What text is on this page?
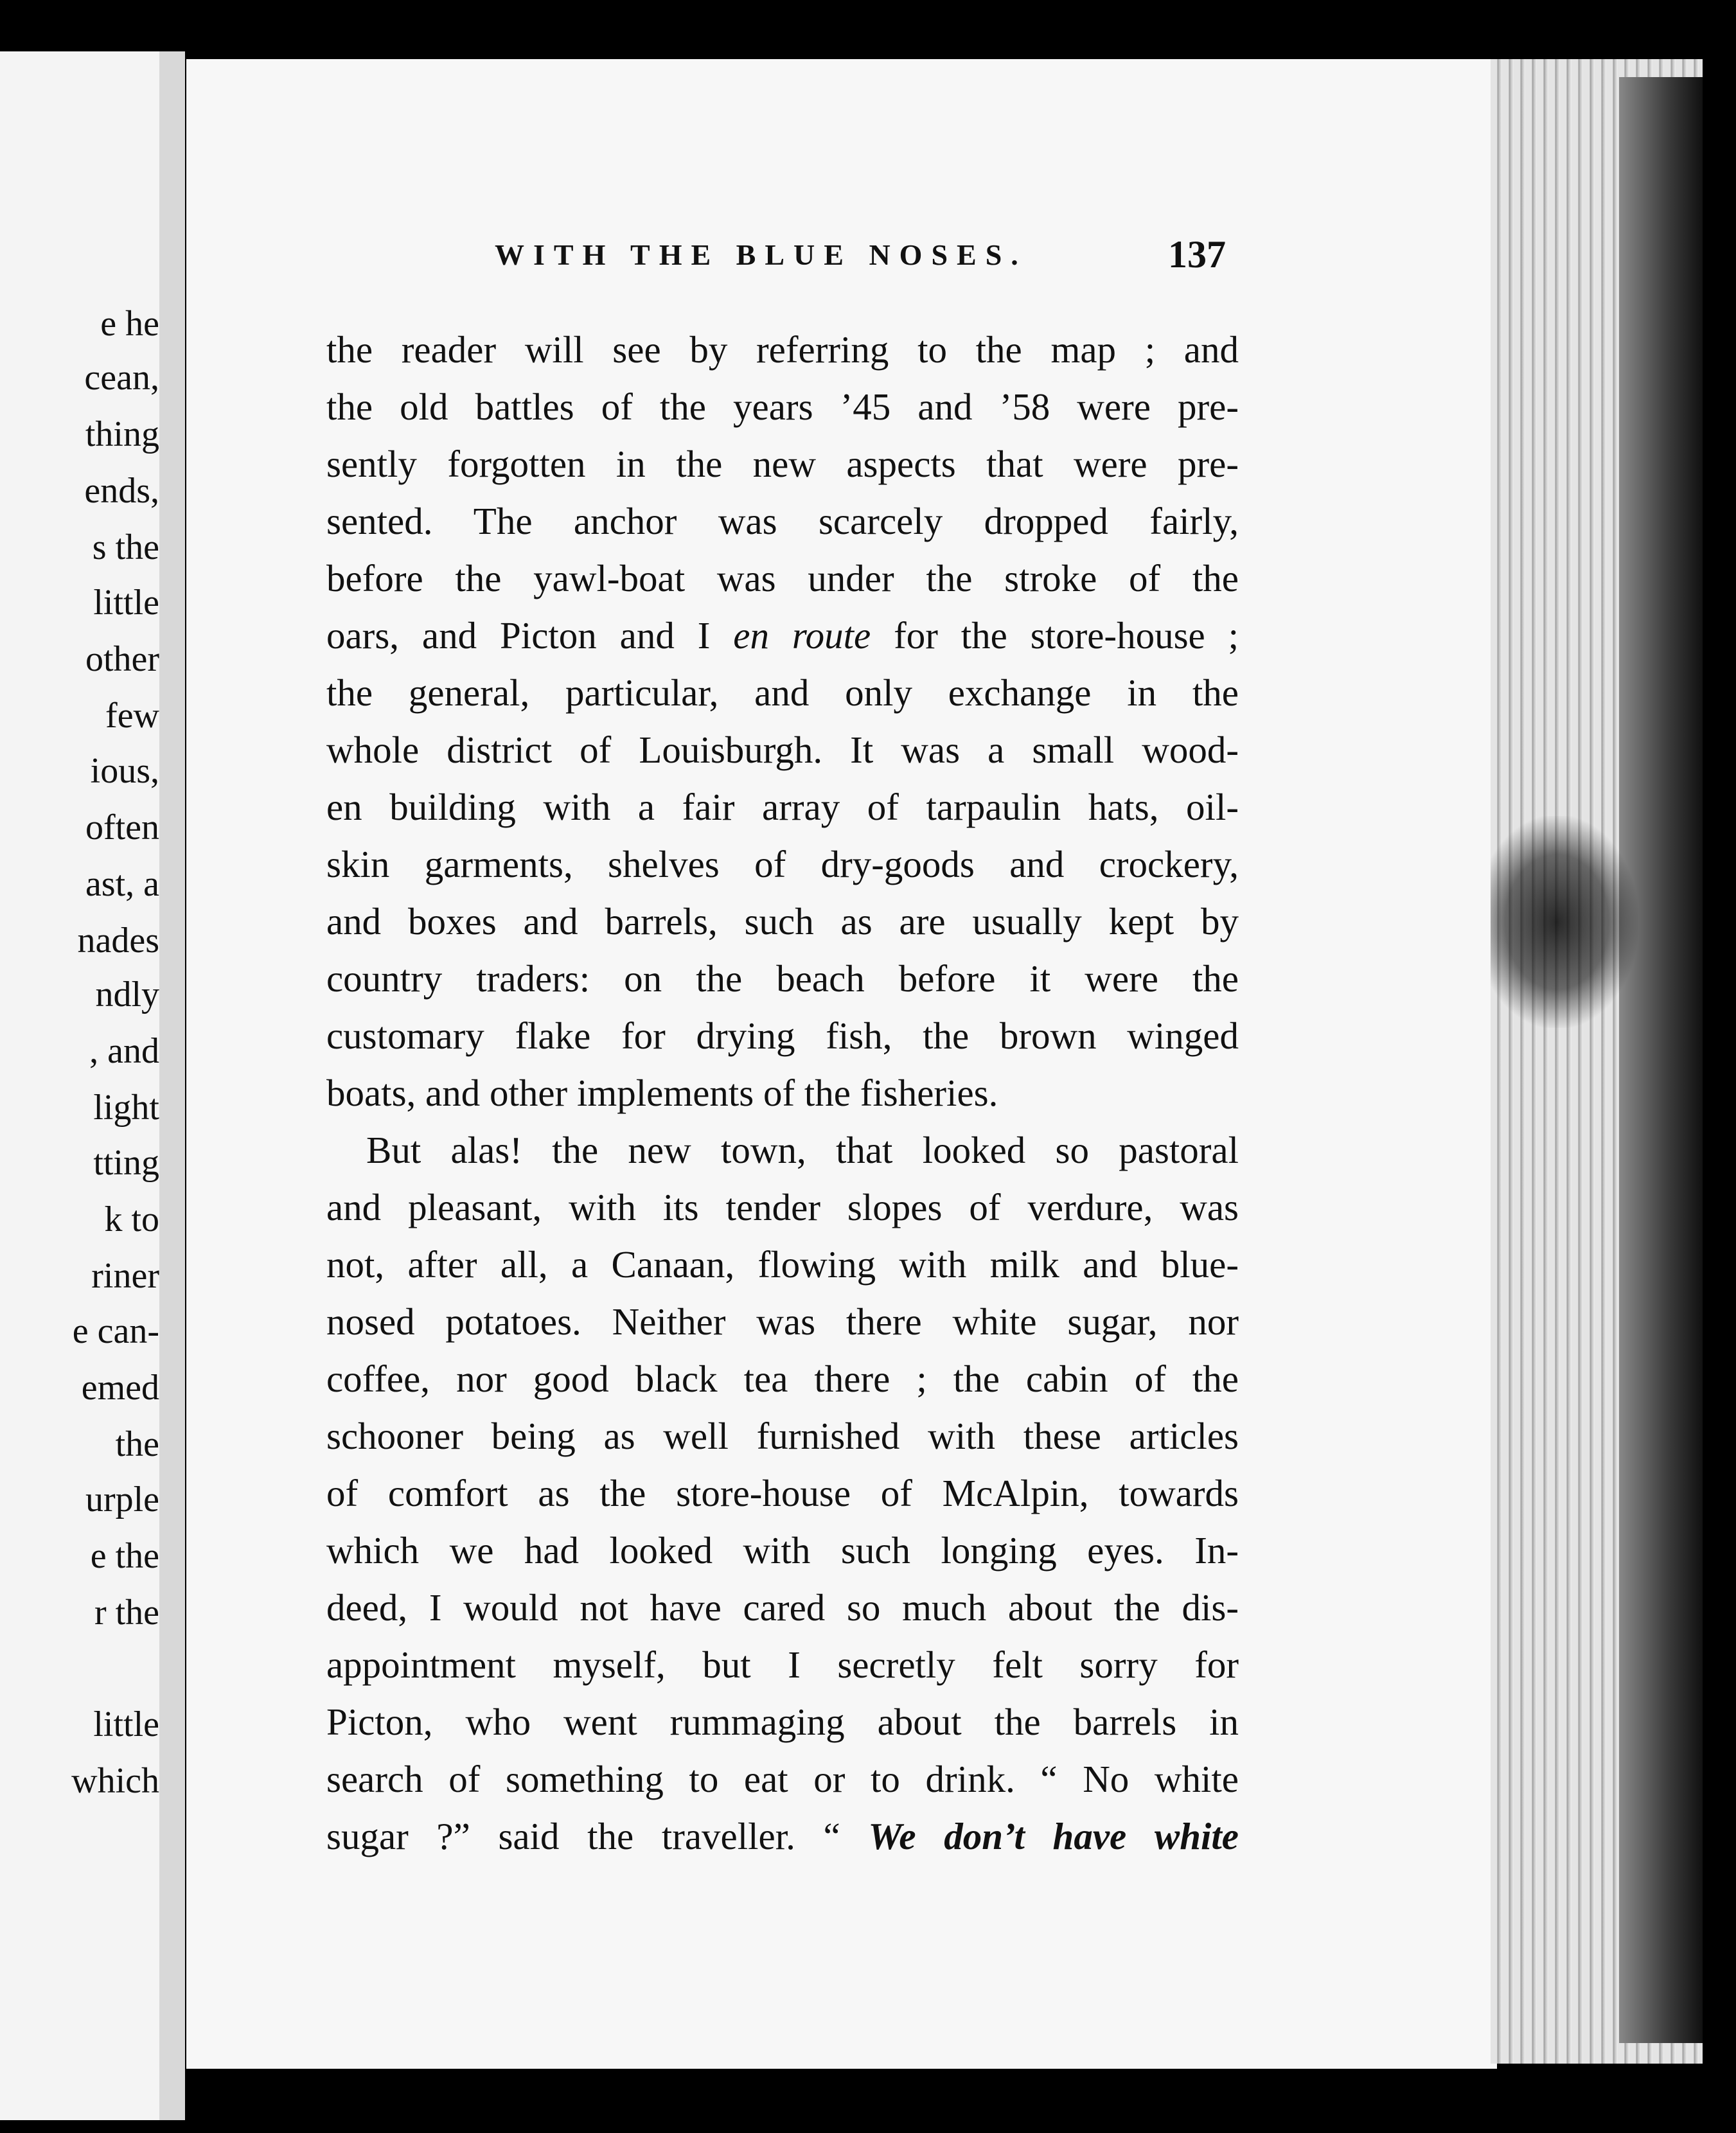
e he
cean,
thing
ends,
s the
little
other
few
ious,
often
ast, a
nades
ndly
, and
light
tting
k to
riner
e can-
emed
the
urple
e the
r the
little
which
WITH THE BLUE NOSES.	137
the reader will see by referring to the map ; and
the old battles of the years ’45 and ’58 were pre-
sently forgotten in the new aspects that were pre-
sented. The anchor was scarcely dropped fairly,
before the yawl-boat was under the stroke of the
oars, and Picton and I en route for the store-house ;
the general, particular, and only exchange in the
whole district of Louisburgh. It was a small wood-
en building with a fair array of tarpaulin hats, oil-
skin garments, shelves of dry-goods and crockery,
and boxes and barrels, such as are usually kept by
country traders: on the beach before it were the
customary flake for drying fish, the brown winged
boats, and other implements of the fisheries.
But alas! the new town, that looked so pastoral
and pleasant, with its tender slopes of verdure, was
not, after all, a Canaan, flowing with milk and blue-
nosed potatoes. Neither was there white sugar, nor
coffee, nor good black tea there ; the cabin of the
schooner being as well furnished with these articles
of comfort as the store-house of McAlpin, towards
which we had looked with such longing eyes. In-
deed, I would not have cared so much about the dis-
appointment myself, but I secretly felt sorry for
Picton, who went rummaging about the barrels in
search of something to eat or to drink. “ No white
sugar ?” said the traveller. “ We don’t have white
